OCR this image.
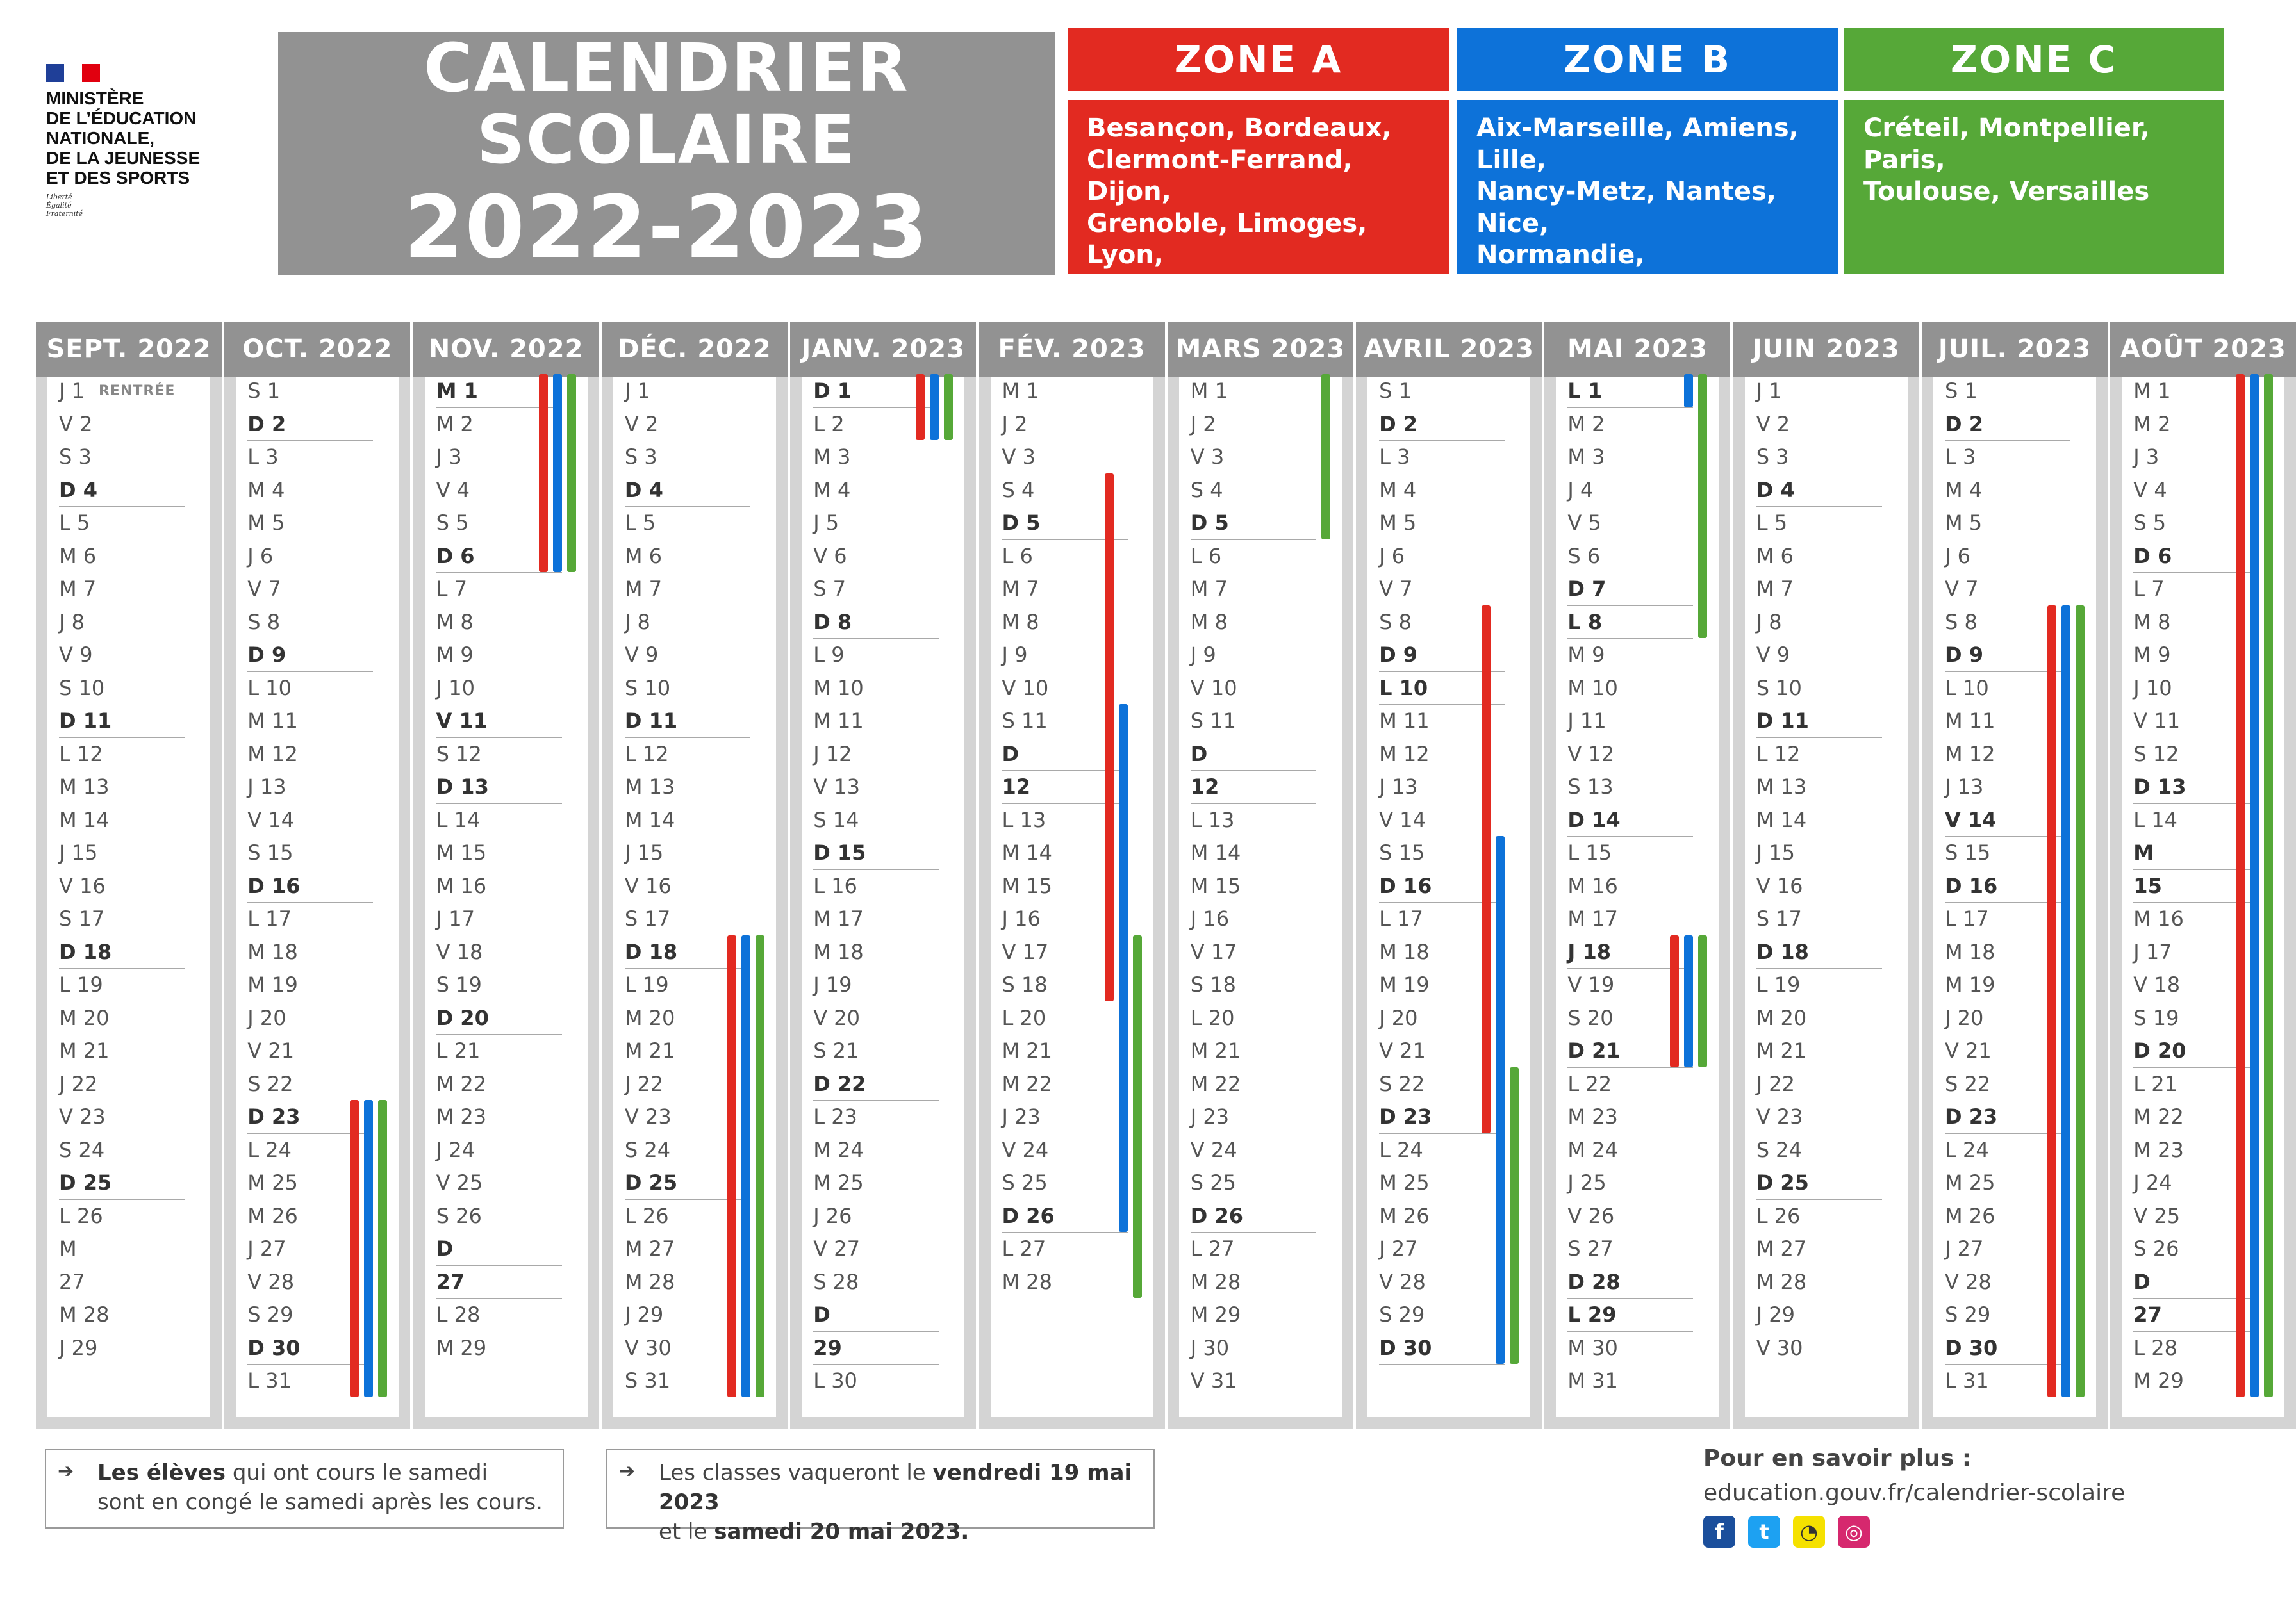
MINISTÈRE
DE L’ÉDUCATION
NATIONALE,
DE LA JEUNESSE
ET DES SPORTS
Liberté
Égalité
Fraternité
CALENDRIER
SCOLAIRE
2022-2023
ZONE A
Besançon, Bordeaux,
Clermont-Ferrand,
Dijon,
Grenoble, Limoges,
Lyon,
ZONE B
Aix-Marseille, Amiens,
Lille,
Nancy-Metz, Nantes,
Nice,
Normandie,
ZONE C
Créteil, Montpellier,
Paris,
Toulouse, Versailles
SEPT. 2022
J 1 RENTRÉE
V 2
S 3
D 4
L 5
M 6
M 7
J 8
V 9
S 10
D 11
L 12
M 13
M 14
J 15
V 16
S 17
D 18
L 19
M 20
M 21
J 22
V 23
S 24
D 25
L 26
M
27
M 28
J 29
OCT. 2022
S 1
D 2
L 3
M 4
M 5
J 6
V 7
S 8
D 9
L 10
M 11
M 12
J 13
V 14
S 15
D 16
L 17
M 18
M 19
J 20
V 21
S 22
D 23
L 24
M 25
M 26
J 27
V 28
S 29
D 30
L 31
NOV. 2022
M 1
M 2
J 3
V 4
S 5
D 6
L 7
M 8
M 9
J 10
V 11
S 12
D 13
L 14
M 15
M 16
J 17
V 18
S 19
D 20
L 21
M 22
M 23
J 24
V 25
S 26
D
27
L 28
M 29
DÉC. 2022
J 1
V 2
S 3
D 4
L 5
M 6
M 7
J 8
V 9
S 10
D 11
L 12
M 13
M 14
J 15
V 16
S 17
D 18
L 19
M 20
M 21
J 22
V 23
S 24
D 25
L 26
M 27
M 28
J 29
V 30
S 31
JANV. 2023
D 1
L 2
M 3
M 4
J 5
V 6
S 7
D 8
L 9
M 10
M 11
J 12
V 13
S 14
D 15
L 16
M 17
M 18
J 19
V 20
S 21
D 22
L 23
M 24
M 25
J 26
V 27
S 28
D
29
L 30
FÉV. 2023
M 1
J 2
V 3
S 4
D 5
L 6
M 7
M 8
J 9
V 10
S 11
D
12
L 13
M 14
M 15
J 16
V 17
S 18
L 20
M 21
M 22
J 23
V 24
S 25
D 26
L 27
M 28
MARS 2023
M 1
J 2
V 3
S 4
D 5
L 6
M 7
M 8
J 9
V 10
S 11
D
12
L 13
M 14
M 15
J 16
V 17
S 18
L 20
M 21
M 22
J 23
V 24
S 25
D 26
L 27
M 28
M 29
J 30
V 31
AVRIL 2023
S 1
D 2
L 3
M 4
M 5
J 6
V 7
S 8
D 9
L 10
M 11
M 12
J 13
V 14
S 15
D 16
L 17
M 18
M 19
J 20
V 21
S 22
D 23
L 24
M 25
M 26
J 27
V 28
S 29
D 30
MAI 2023
L 1
M 2
M 3
J 4
V 5
S 6
D 7
L 8
M 9
M 10
J 11
V 12
S 13
D 14
L 15
M 16
M 17
J 18
V 19
S 20
D 21
L 22
M 23
M 24
J 25
V 26
S 27
D 28
L 29
M 30
M 31
JUIN 2023
J 1
V 2
S 3
D 4
L 5
M 6
M 7
J 8
V 9
S 10
D 11
L 12
M 13
M 14
J 15
V 16
S 17
D 18
L 19
M 20
M 21
J 22
V 23
S 24
D 25
L 26
M 27
M 28
J 29
V 30
JUIL. 2023
S 1
D 2
L 3
M 4
M 5
J 6
V 7
S 8
D 9
L 10
M 11
M 12
J 13
V 14
S 15
D 16
L 17
M 18
M 19
J 20
V 21
S 22
D 23
L 24
M 25
M 26
J 27
V 28
S 29
D 30
L 31
AOÛT 2023
M 1
M 2
J 3
V 4
S 5
D 6
L 7
M 8
M 9
J 10
V 11
S 12
D 13
L 14
M
15
M 16
J 17
V 18
S 19
D 20
L 21
M 22
M 23
J 24
V 25
S 26
D
27
L 28
M 29
➔ Les élèves qui ont cours le samedi
sont en congé le samedi après les cours.
➔ Les classes vaqueront le vendredi 19 mai 2023
et le samedi 20 mai 2023.
Pour en savoir plus :
education.gouv.fr/calendrier-scolaire
f	t	◔	◎
